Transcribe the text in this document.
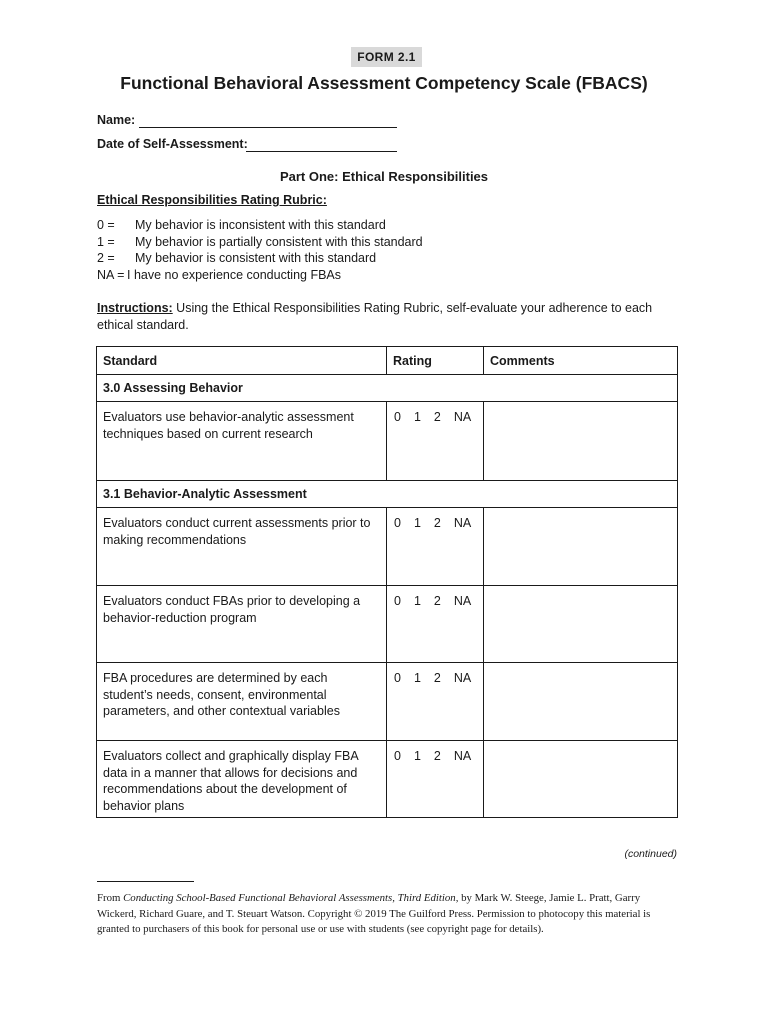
FORM 2.1
Functional Behavioral Assessment Competency Scale (FBACS)
Name:
Date of Self-Assessment:
Part One: Ethical Responsibilities
Ethical Responsibilities Rating Rubric:
0 = My behavior is inconsistent with this standard
1 = My behavior is partially consistent with this standard
2 = My behavior is consistent with this standard
NA = I have no experience conducting FBAs
Instructions: Using the Ethical Responsibilities Rating Rubric, self-evaluate your adherence to each ethical standard.
Standard	Rating	Comments
3.0 Assessing Behavior		
Evaluators use behavior-analytic assessment techniques based on current research	0 1 2 NA	

3.1 Behavior-Analytic Assessment		
Evaluators conduct current assessments prior to making recommendations	0 1 2 NA	

Evaluators conduct FBAs prior to developing a behavior-reduction program	0 1 2 NA	

FBA procedures are determined by each student’s needs, consent, environmental parameters, and other contextual variables	0 1 2 NA	

Evaluators collect and graphically display FBA data in a manner that allows for decisions and recommendations about the development of behavior plans	0 1 2 NA	

(continued)
From Conducting School-Based Functional Behavioral Assessments, Third Edition, by Mark W. Steege, Jamie L. Pratt, Garry Wickerd, Richard Guare, and T. Steuart Watson. Copyright © 2019 The Guilford Press. Permission to photocopy this material is granted to purchasers of this book for personal use or use with students (see copyright page for details).
